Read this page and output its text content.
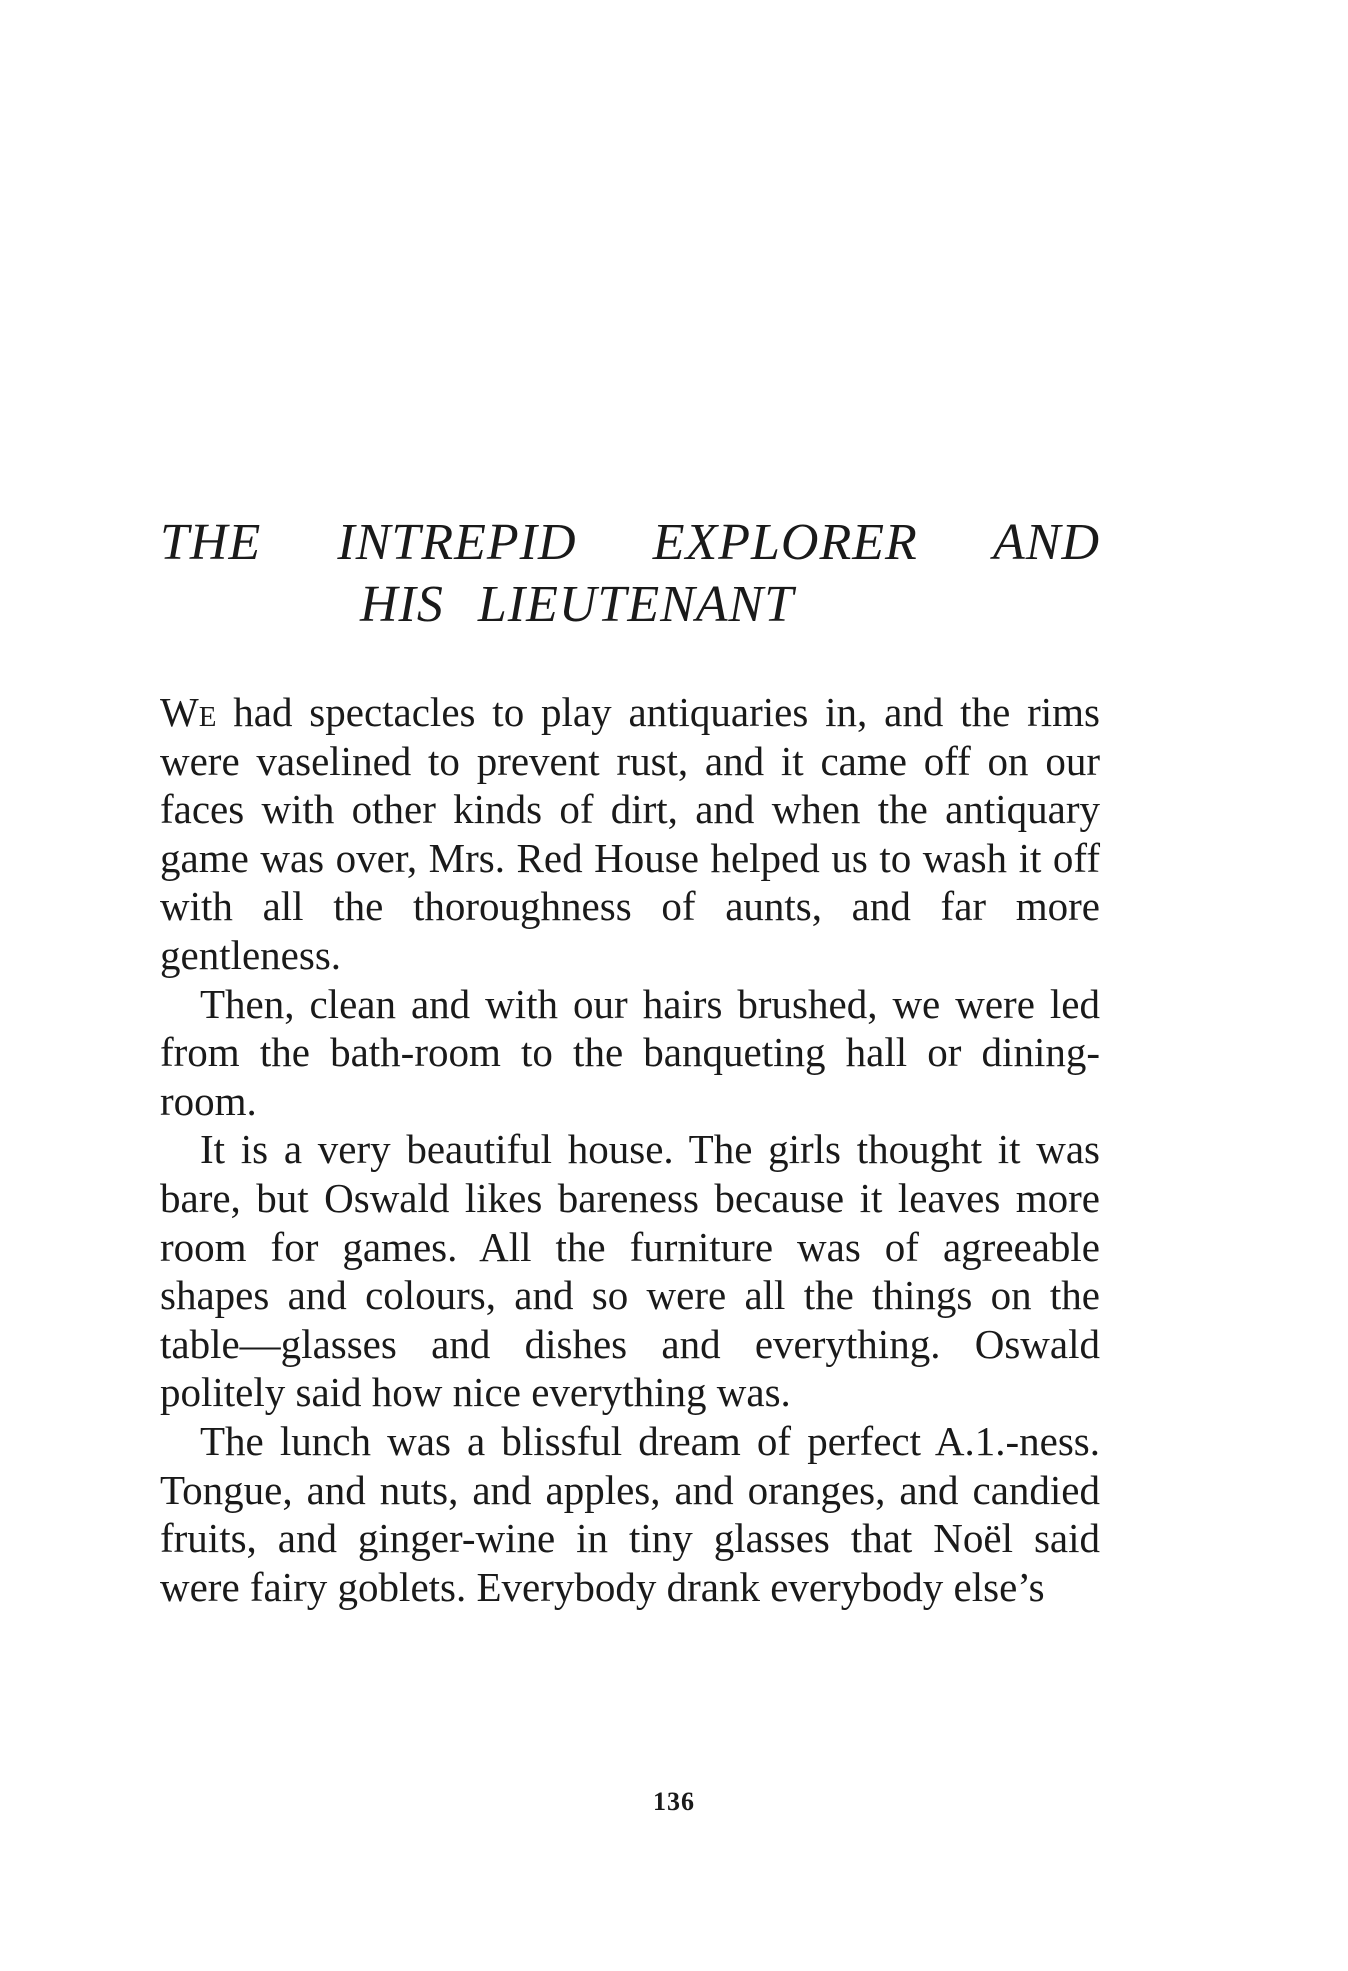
THE INTREPID EXPLORER AND
HIS LIEUTENANT

We had spectacles to play antiquaries in, and the rims were vaselined to prevent rust, and it came off on our faces with other kinds of dirt, and when the antiquary game was over, Mrs. Red House helped us to wash it off with all the thoroughness of aunts, and far more gentleness.

Then, clean and with our hairs brushed, we were led from the bath-room to the banqueting hall or dining-room.

It is a very beautiful house. The girls thought it was bare, but Oswald likes bareness because it leaves more room for games. All the furniture was of agreeable shapes and colours, and so were all the things on the table—glasses and dishes and everything. Oswald politely said how nice everything was.

The lunch was a blissful dream of perfect A.1.-ness. Tongue, and nuts, and apples, and oranges, and candied fruits, and ginger-wine in tiny glasses that Noël said were fairy goblets. Everybody drank everybody else’s

136
